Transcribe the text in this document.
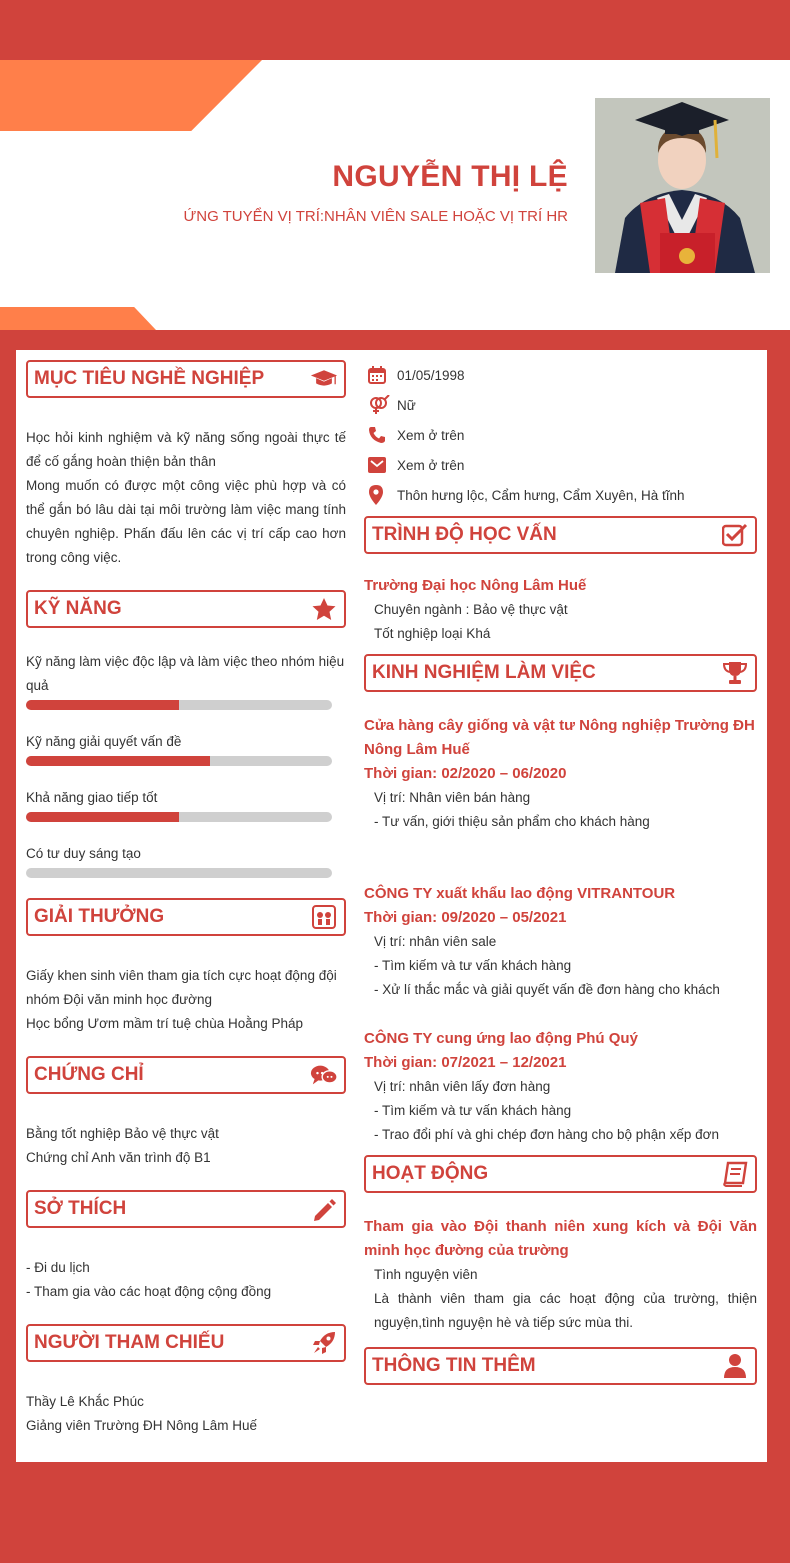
NGUYỄN THỊ LỆ
ỨNG TUYỂN VỊ TRÍ:NHÂN VIÊN SALE HOẶC VỊ TRÍ HR
MỤC TIÊU NGHỀ NGHIỆP
Học hỏi kinh nghiệm và kỹ năng sống ngoài thực tế để cố gắng hoàn thiện bản thân
Mong muốn có được một công việc phù hợp và có thể gắn bó lâu dài tại môi trường làm việc mang tính chuyên nghiệp. Phấn đấu lên các vị trí cấp cao hơn trong công việc.
KỸ NĂNG
Kỹ năng làm việc độc lập và làm việc theo nhóm hiệu quả
Kỹ năng giải quyết vấn đề
Khả năng giao tiếp tốt
Có tư duy sáng tạo
GIẢI THƯỞNG
Giấy khen sinh viên tham gia tích cực hoạt động đội nhóm Đội văn minh học đường
Học bổng Ươm mầm trí tuệ chùa Hoằng Pháp
CHỨNG CHỈ
Bằng tốt nghiệp Bảo vệ thực vật
Chứng chỉ Anh văn trình độ B1
SỞ THÍCH
- Đi du lịch
- Tham gia vào các hoạt động cộng đồng
NGƯỜI THAM CHIẾU
Thầy Lê Khắc Phúc
Giảng viên Trường ĐH Nông Lâm Huế
01/05/1998
Nữ
Xem ở trên
Xem ở trên
Thôn hưng lộc, Cẩm hưng, Cẩm Xuyên, Hà tĩnh
TRÌNH ĐỘ HỌC VẤN
Trường Đại học Nông Lâm Huế
Chuyên ngành : Bảo vệ thực vật
Tốt nghiệp loại Khá
KINH NGHIỆM LÀM VIỆC
Cửa hàng cây giống và vật tư Nông nghiệp Trường ĐH Nông Lâm Huế
Thời gian: 02/2020 – 06/2020
Vị trí: Nhân viên bán hàng
- Tư vấn, giới thiệu sản phẩm cho khách hàng
CÔNG TY xuất khẩu lao động VITRANTOUR
Thời gian: 09/2020 – 05/2021
Vị trí: nhân viên sale
- Tìm kiếm và tư vấn khách hàng
- Xử lí thắc mắc và giải quyết vấn đề đơn hàng cho khách
CÔNG TY cung ứng lao động Phú Quý
Thời gian: 07/2021 – 12/2021
Vị trí: nhân viên lấy đơn hàng
- Tìm kiếm và tư vấn khách hàng
- Trao đổi phí và ghi chép đơn hàng cho bộ phận xếp đơn
HOẠT ĐỘNG
Tham gia vào Đội thanh niên xung kích và Đội Văn minh học đường của trường
Tình nguyện viên
Là thành viên tham gia các hoạt động của trường, thiện nguyện,tình nguyện hè và tiếp sức mùa thi.
THÔNG TIN THÊM
